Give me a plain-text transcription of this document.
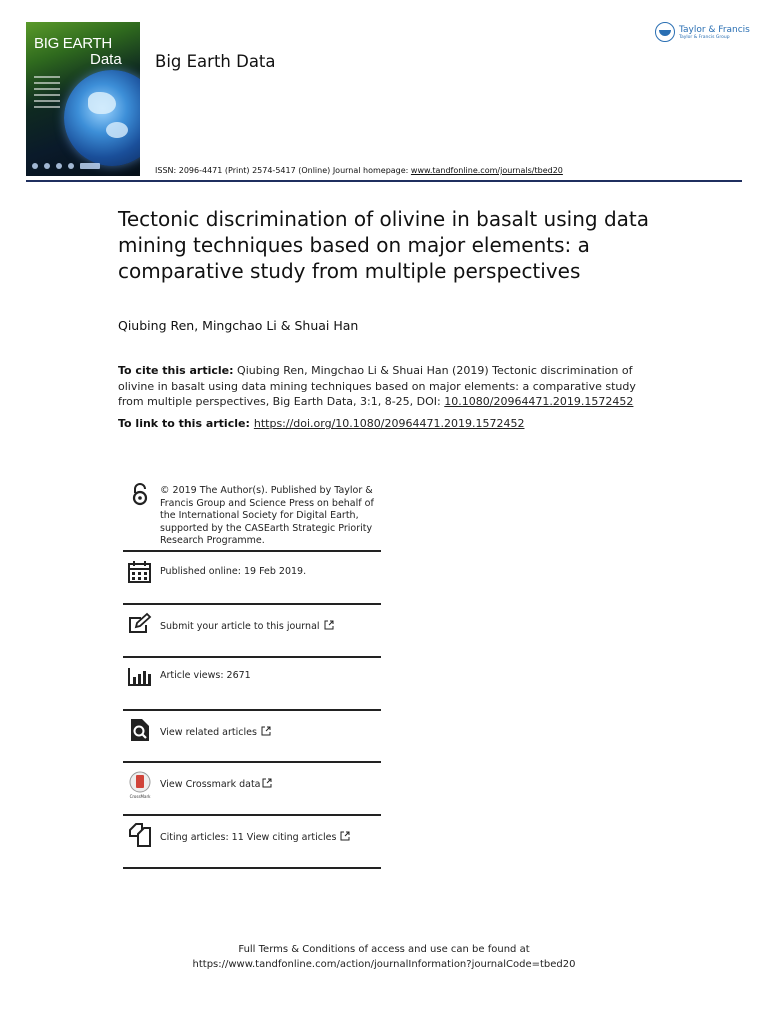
BIG EARTH
Data Big Earth Data
Taylor & Francis
Taylor & Francis Group
ISSN: 2096-4471 (Print) 2574-5417 (Online) Journal homepage: www.tandfonline.com/journals/tbed20
Tectonic discrimination of olivine in basalt using data mining techniques based on major elements: a comparative study from multiple perspectives
Qiubing Ren, Mingchao Li & Shuai Han
To cite this article: Qiubing Ren, Mingchao Li & Shuai Han (2019) Tectonic discrimination of olivine in basalt using data mining techniques based on major elements: a comparative study from multiple perspectives, Big Earth Data, 3:1, 8-25, DOI: 10.1080/20964471.2019.1572452
To link to this article: https://doi.org/10.1080/20964471.2019.1572452
© 2019 The Author(s). Published by Taylor & Francis Group and Science Press on behalf of the International Society for Digital Earth, supported by the CASEarth Strategic Priority Research Programme.
Published online: 19 Feb 2019.
Submit your article to this journal
Article views: 2671
View related articles
CrossMark
View Crossmark data
Citing articles: 11 View citing articles
Full Terms & Conditions of access and use can be found at
https://www.tandfonline.com/action/journalInformation?journalCode=tbed20
